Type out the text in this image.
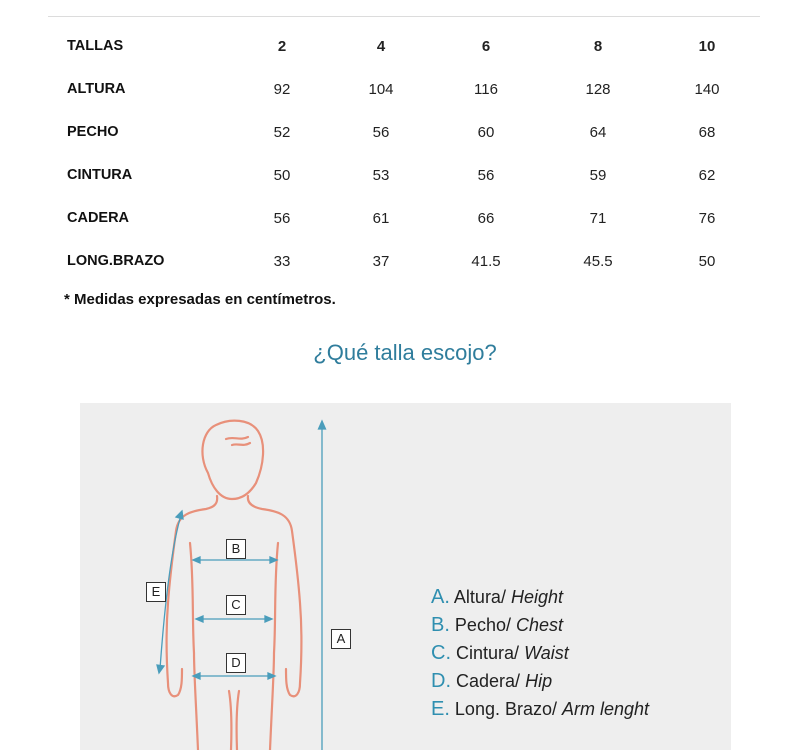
TALLAS	2	4	6	8	10
ALTURA	92	104	116	128	140
PECHO	52	56	60	64	68
CINTURA	50	53	56	59	62
CADERA	56	61	66	71	76
LONG.BRAZO	33	37	41.5	45.5	50
* Medidas expresadas en centímetros.
¿Qué talla escojo?
B
C
D
E
A
A. Altura/ Height
B. Pecho/ Chest
C. Cintura/ Waist
D. Cadera/ Hip
E. Long. Brazo/ Arm lenght
